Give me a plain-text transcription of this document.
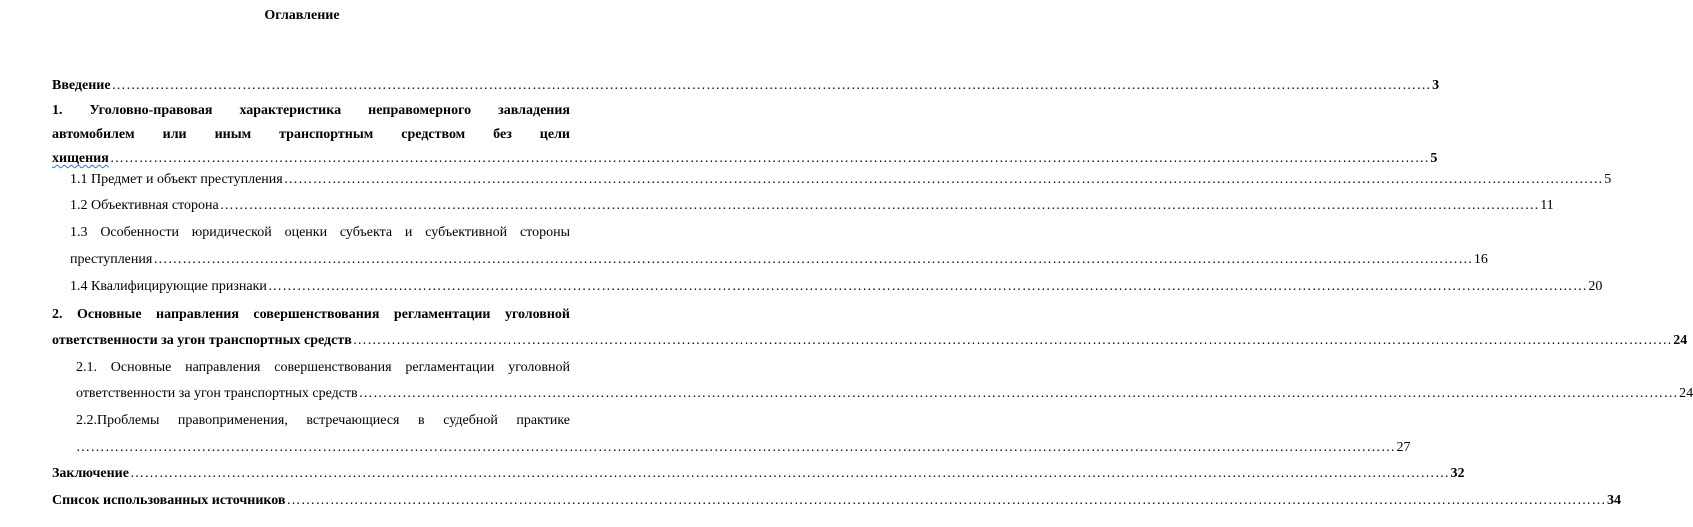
Оглавление
Введение ………………………………………………………………………………………………………………………………………………………………………………………………………………………………………………… 3
1. Уголовно-правовая характеристика неправомерного завладения
автомобилем или иным транспортным средством без цели
хищения ………………………………………………………………………………………………………………………………………………………………………………………………………………………………………………… 5
1.1 Предмет и объект преступления ………………………………………………………………………………………………………………………………………………………………………………………………………………………………………………… 5
1.2 Объективная сторона ………………………………………………………………………………………………………………………………………………………………………………………………………………………………………………… 11
1.3 Особенности юридической оценки субъекта и субъективной стороны
преступления ………………………………………………………………………………………………………………………………………………………………………………………………………………………………………………… 16
1.4 Квалифицирующие признаки ………………………………………………………………………………………………………………………………………………………………………………………………………………………………………………… 20
2. Основные направления совершенствования регламентации уголовной
ответственности за угон транспортных средств ………………………………………………………………………………………………………………………………………………………………………………………………………………………………………………… 24
2.1. Основные направления совершенствования регламентации уголовной
ответственности за угон транспортных средств ………………………………………………………………………………………………………………………………………………………………………………………………………………………………………………… 24
2.2.Проблемы правоприменения, встречающиеся в судебной практике
………………………………………………………………………………………………………………………………………………………………………………………………………………………………………………… 27
Заключение ………………………………………………………………………………………………………………………………………………………………………………………………………………………………………………… 32
Список использованных источников ………………………………………………………………………………………………………………………………………………………………………………………………………………………………………………… 34
